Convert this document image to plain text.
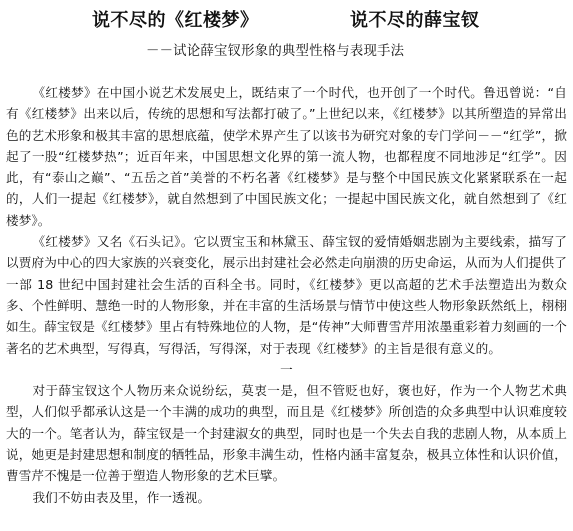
说不尽的《红楼梦》	说不尽的薛宝钗
－－试论薛宝钗形象的典型性格与表现手法

《红楼梦》在中国小说艺术发展史上，既结束了一个时代，也开创了一个时代。鲁迅曾说：“自有《红楼梦》出来以后，传统的思想和写法都打破了。”上世纪以来，《红楼梦》以其所塑造的异常出色的艺术形象和极其丰富的思想底蕴，使学术界产生了以该书为研究对象的专门学问－－“红学”，掀起了一股“红楼梦热”；近百年来，中国思想文化界的第一流人物，也都程度不同地涉足“红学”。因此，有“泰山之巅”、“五岳之首”美誉的不朽名著《红楼梦》是与整个中国民族文化紧紧联系在一起的，人们一提起《红楼梦》，就自然想到了中国民族文化；一提起中国民族文化，就自然想到了《红楼梦》。

《红楼梦》又名《石头记》。它以贾宝玉和林黛玉、薛宝钗的爱情婚姻悲剧为主要线索，描写了以贾府为中心的四大家族的兴衰变化，展示出封建社会必然走向崩溃的历史命运，从而为人们提供了一部 18 世纪中国封建社会生活的百科全书。同时，《红楼梦》更以高超的艺术手法塑造出为数众多、个性鲜明、慧绝一时的人物形象，并在丰富的生活场景与情节中使这些人物形象跃然纸上，栩栩如生。薛宝钗是《红楼梦》里占有特殊地位的人物，是“传神”大师曹雪芹用浓墨重彩着力刻画的一个著名的艺术典型，写得真，写得活，写得深，对于表现《红楼梦》的主旨是很有意义的。

一

对于薛宝钗这个人物历来众说纷纭，莫衷一是，但不管贬也好，褒也好，作为一个人物艺术典型，人们似乎都承认这是一个丰满的成功的典型，而且是《红楼梦》所创造的众多典型中认识难度较大的一个。笔者认为，薛宝钗是一个封建淑女的典型，同时也是一个失去自我的悲剧人物，从本质上说，她更是封建思想和制度的牺牲品，形象丰满生动，性格内涵丰富复杂，极具立体性和认识价值，曹雪芹不愧是一位善于塑造人物形象的艺术巨擘。

我们不妨由表及里，作一透视。
